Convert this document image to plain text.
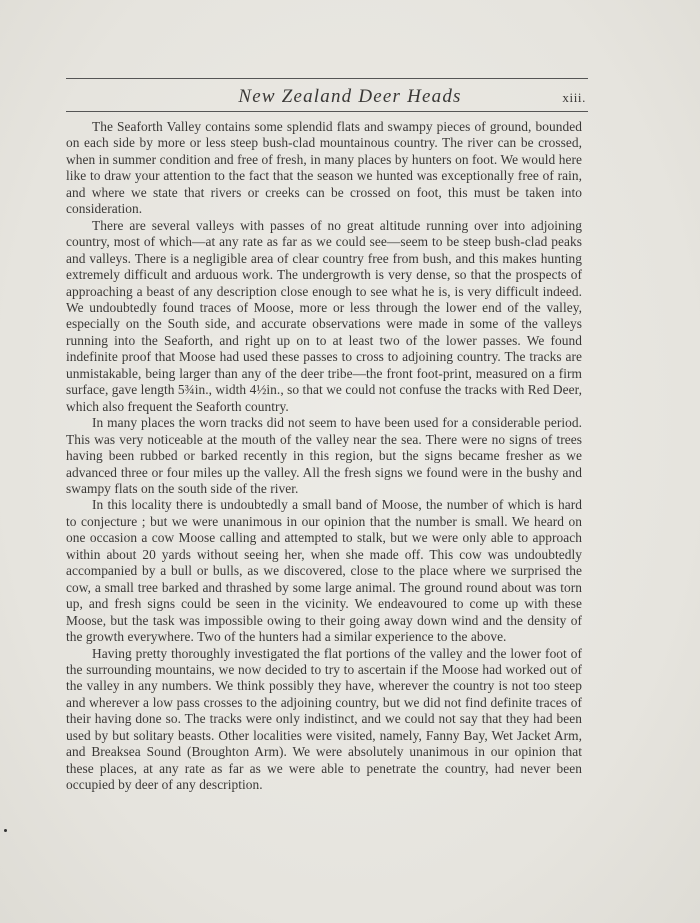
New Zealand Deer Heads	xiii.

The Seaforth Valley contains some splendid flats and swampy pieces of ground, bounded on each side by more or less steep bush-clad mountainous country. The river can be crossed, when in summer condition and free of fresh, in many places by hunters on foot. We would here like to draw your attention to the fact that the season we hunted was exceptionally free of rain, and where we state that rivers or creeks can be crossed on foot, this must be taken into consideration.

There are several valleys with passes of no great altitude running over into adjoining country, most of which—at any rate as far as we could see—seem to be steep bush-clad peaks and valleys. There is a negligible area of clear country free from bush, and this makes hunting extremely difficult and arduous work. The undergrowth is very dense, so that the prospects of approaching a beast of any description close enough to see what he is, is very difficult indeed. We undoubtedly found traces of Moose, more or less through the lower end of the valley, especially on the South side, and accurate observations were made in some of the valleys running into the Seaforth, and right up on to at least two of the lower passes. We found indefinite proof that Moose had used these passes to cross to adjoining country. The tracks are unmistakable, being larger than any of the deer tribe—the front foot-print, measured on a firm surface, gave length 5¾in., width 4½in., so that we could not confuse the tracks with Red Deer, which also frequent the Seaforth country.

In many places the worn tracks did not seem to have been used for a considerable period. This was very noticeable at the mouth of the valley near the sea. There were no signs of trees having been rubbed or barked recently in this region, but the signs became fresher as we advanced three or four miles up the valley. All the fresh signs we found were in the bushy and swampy flats on the south side of the river.

In this locality there is undoubtedly a small band of Moose, the number of which is hard to conjecture ; but we were unanimous in our opinion that the number is small. We heard on one occasion a cow Moose calling and attempted to stalk, but we were only able to approach within about 20 yards without seeing her, when she made off. This cow was undoubtedly accompanied by a bull or bulls, as we discovered, close to the place where we surprised the cow, a small tree barked and thrashed by some large animal. The ground round about was torn up, and fresh signs could be seen in the vicinity. We endeavoured to come up with these Moose, but the task was impossible owing to their going away down wind and the density of the growth everywhere. Two of the hunters had a similar experience to the above.

Having pretty thoroughly investigated the flat portions of the valley and the lower foot of the surrounding mountains, we now decided to try to ascertain if the Moose had worked out of the valley in any numbers. We think possibly they have, wherever the country is not too steep and wherever a low pass crosses to the adjoining country, but we did not find definite traces of their having done so. The tracks were only indistinct, and we could not say that they had been used by but solitary beasts. Other localities were visited, namely, Fanny Bay, Wet Jacket Arm, and Breaksea Sound (Broughton Arm). We were absolutely unanimous in our opinion that these places, at any rate as far as we were able to penetrate the country, had never been occupied by deer of any description.
